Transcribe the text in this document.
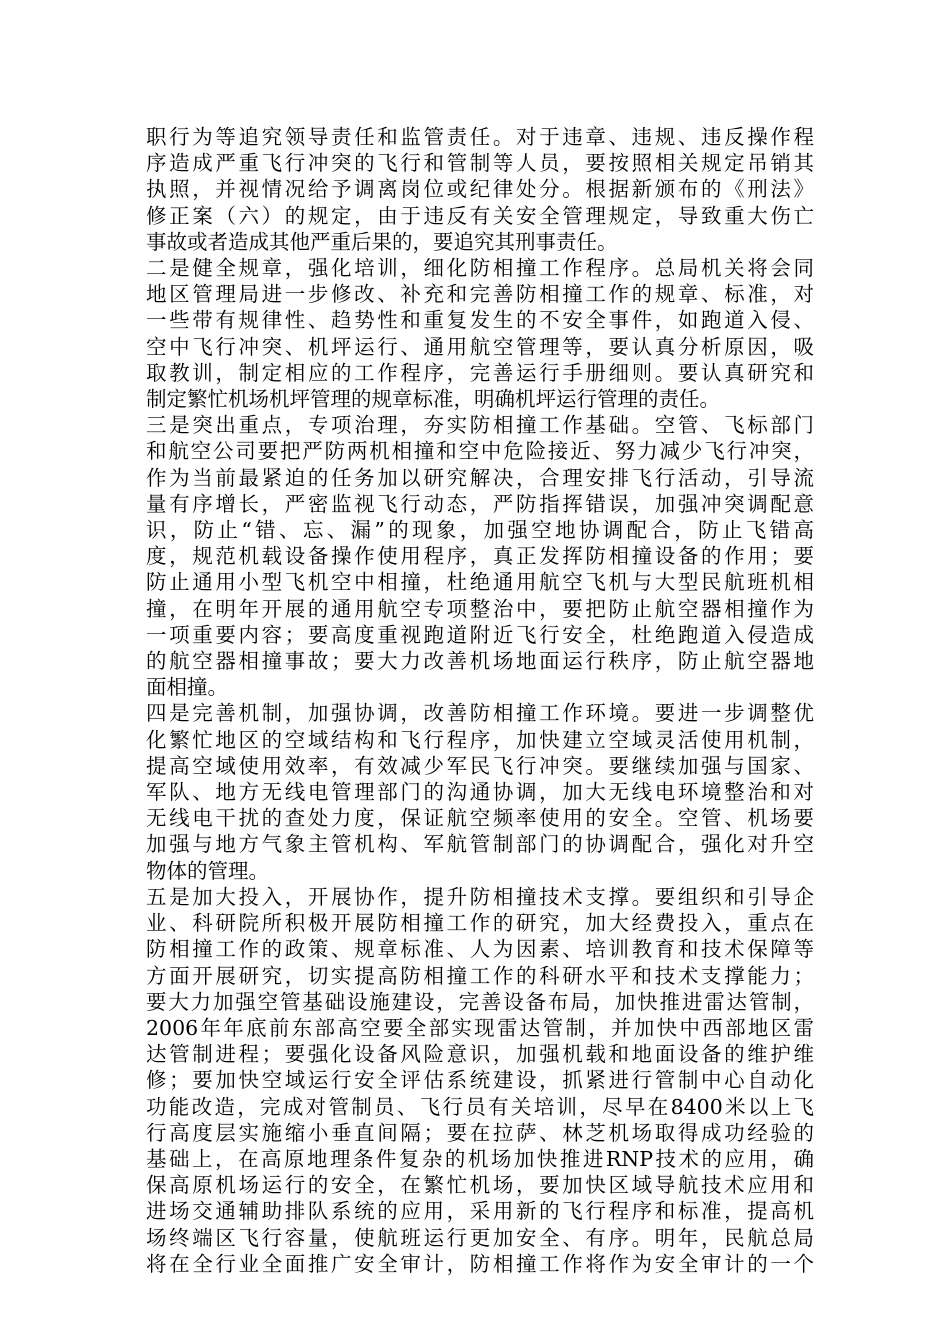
职行为等追究领导责任和监管责任。对于违章、违规、违反操作程
序造成严重飞行冲突的飞行和管制等人员，要按照相关规定吊销其
执照，并视情况给予调离岗位或纪律处分。根据新颁布的《刑法》
修正案（六）的规定，由于违反有关安全管理规定，导致重大伤亡
事故或者造成其他严重后果的，要追究其刑事责任。
二是健全规章，强化培训，细化防相撞工作程序。总局机关将会同
地区管理局进一步修改、补充和完善防相撞工作的规章、标准，对
一些带有规律性、趋势性和重复发生的不安全事件，如跑道入侵、
空中飞行冲突、机坪运行、通用航空管理等，要认真分析原因，吸
取教训，制定相应的工作程序，完善运行手册细则。要认真研究和
制定繁忙机场机坪管理的规章标准，明确机坪运行管理的责任。
三是突出重点，专项治理，夯实防相撞工作基础。空管、飞标部门
和航空公司要把严防两机相撞和空中危险接近、努力减少飞行冲突，
作为当前最紧迫的任务加以研究解决，合理安排飞行活动，引导流
量有序增长，严密监视飞行动态，严防指挥错误，加强冲突调配意
识，防止“错、忘、漏”的现象，加强空地协调配合，防止飞错高
度，规范机载设备操作使用程序，真正发挥防相撞设备的作用；要
防止通用小型飞机空中相撞，杜绝通用航空飞机与大型民航班机相
撞，在明年开展的通用航空专项整治中，要把防止航空器相撞作为
一项重要内容；要高度重视跑道附近飞行安全，杜绝跑道入侵造成
的航空器相撞事故；要大力改善机场地面运行秩序，防止航空器地
面相撞。
四是完善机制，加强协调，改善防相撞工作环境。要进一步调整优
化繁忙地区的空域结构和飞行程序，加快建立空域灵活使用机制，
提高空域使用效率，有效减少军民飞行冲突。要继续加强与国家、
军队、地方无线电管理部门的沟通协调，加大无线电环境整治和对
无线电干扰的查处力度，保证航空频率使用的安全。空管、机场要
加强与地方气象主管机构、军航管制部门的协调配合，强化对升空
物体的管理。
五是加大投入，开展协作，提升防相撞技术支撑。要组织和引导企
业、科研院所积极开展防相撞工作的研究，加大经费投入，重点在
防相撞工作的政策、规章标准、人为因素、培训教育和技术保障等
方面开展研究，切实提高防相撞工作的科研水平和技术支撑能力；
要大力加强空管基础设施建设，完善设备布局，加快推进雷达管制，
2006年年底前东部高空要全部实现雷达管制，并加快中西部地区雷
达管制进程；要强化设备风险意识，加强机载和地面设备的维护维
修；要加快空域运行安全评估系统建设，抓紧进行管制中心自动化
功能改造，完成对管制员、飞行员有关培训，尽早在8400米以上飞
行高度层实施缩小垂直间隔；要在拉萨、林芝机场取得成功经验的
基础上，在高原地理条件复杂的机场加快推进RNP技术的应用，确
保高原机场运行的安全，在繁忙机场，要加快区域导航技术应用和
进场交通辅助排队系统的应用，采用新的飞行程序和标准，提高机
场终端区飞行容量，使航班运行更加安全、有序。明年，民航总局
将在全行业全面推广安全审计，防相撞工作将作为安全审计的一个
